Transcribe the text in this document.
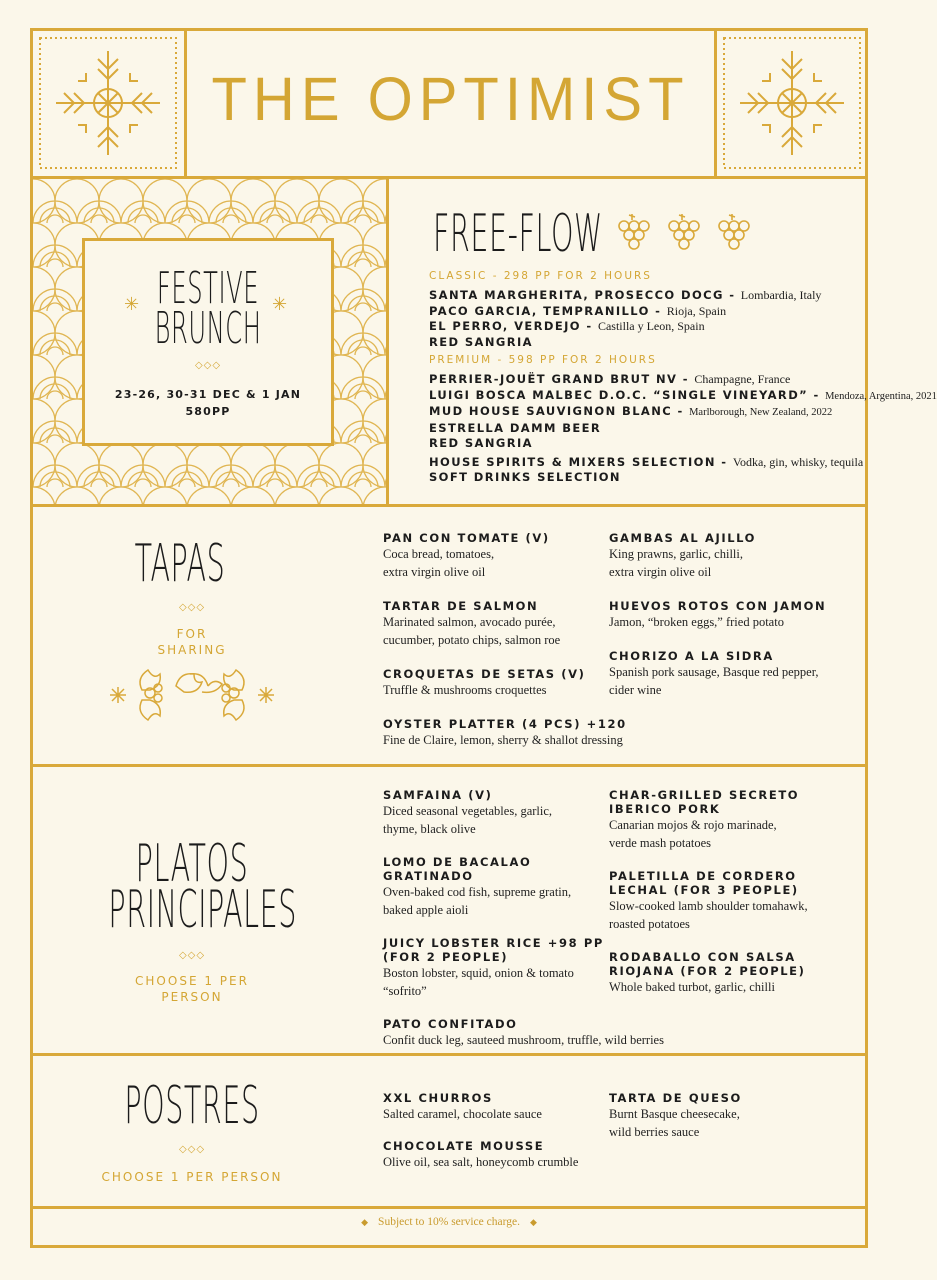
THE OPTIMIST
FESTIVE
BRUNCH
✳	✳
◇◇◇
23-26, 30-31 DEC & 1 JAN
580PP
FREE-FLOW
CLASSIC - 298 PP FOR 2 HOURS
SANTA MARGHERITA, PROSECCO DOCG - Lombardia, Italy
PACO GARCIA, TEMPRANILLO - Rioja, Spain
EL PERRO, VERDEJO - Castilla y Leon, Spain
RED SANGRIA
PREMIUM - 598 PP FOR 2 HOURS
PERRIER-JOUËT GRAND BRUT NV - Champagne, France
LUIGI BOSCA MALBEC D.O.C. “SINGLE VINEYARD” - Mendoza, Argentina, 2021
MUD HOUSE SAUVIGNON BLANC - Marlborough, New Zealand, 2022
ESTRELLA DAMM BEER
RED SANGRIA
HOUSE SPIRITS & MIXERS SELECTION - Vodka, gin, whisky, tequila
SOFT DRINKS SELECTION
TAPAS
◇◇◇
FOR
SHARING
PAN CON TOMATE (V)
Coca bread, tomatoes,
extra virgin olive oil
TARTAR DE SALMON
Marinated salmon, avocado purée,
cucumber, potato chips, salmon roe
CROQUETAS DE SETAS (V)
Truffle & mushrooms croquettes
OYSTER PLATTER (4 PCS) +120
Fine de Claire, lemon, sherry & shallot dressing
GAMBAS AL AJILLO
King prawns, garlic, chilli,
extra virgin olive oil
HUEVOS ROTOS CON JAMON
Jamon, “broken eggs,” fried potato
CHORIZO A LA SIDRA
Spanish pork sausage, Basque red pepper,
cider wine
PLATOS
PRINCIPALES
◇◇◇
CHOOSE 1 PER
PERSON
SAMFAINA (V)
Diced seasonal vegetables, garlic,
thyme, black olive
LOMO DE BACALAO GRATINADO
Oven-baked cod fish, supreme gratin,
baked apple aioli
JUICY LOBSTER RICE +98 PP
(FOR 2 PEOPLE)
Boston lobster, squid, onion & tomato
“sofrito”
PATO CONFITADO
Confit duck leg, sauteed mushroom, truffle, wild berries
CHAR-GRILLED SECRETO
IBERICO PORK
Canarian mojos & rojo marinade,
verde mash potatoes
PALETILLA DE CORDERO
LECHAL (FOR 3 PEOPLE)
Slow-cooked lamb shoulder tomahawk,
roasted potatoes
RODABALLO CON SALSA
RIOJANA (FOR 2 PEOPLE)
Whole baked turbot, garlic, chilli
POSTRES
◇◇◇
CHOOSE 1 PER PERSON
XXL CHURROS
Salted caramel, chocolate sauce
CHOCOLATE MOUSSE
Olive oil, sea salt, honeycomb crumble
TARTA DE QUESO
Burnt Basque cheesecake,
wild berries sauce
◆ Subject to 10% service charge. ◆
